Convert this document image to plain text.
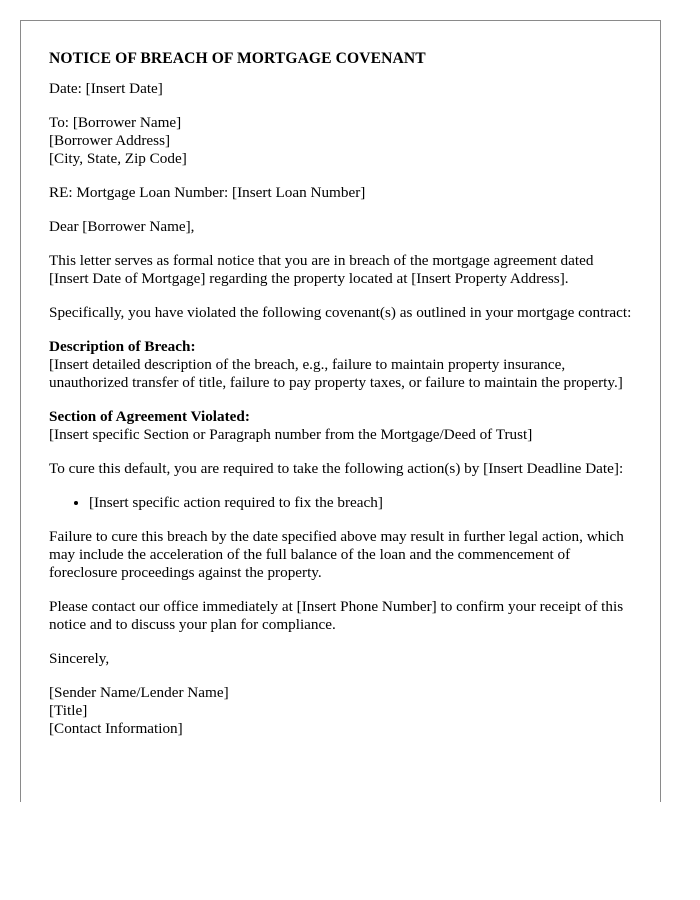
NOTICE OF BREACH OF MORTGAGE COVENANT

Date: [Insert Date]

To: [Borrower Name]
[Borrower Address]
[City, State, Zip Code]

RE: Mortgage Loan Number: [Insert Loan Number]

Dear [Borrower Name],

This letter serves as formal notice that you are in breach of the mortgage agreement dated [Insert Date of Mortgage] regarding the property located at [Insert Property Address].

Specifically, you have violated the following covenant(s) as outlined in your mortgage contract:

Description of Breach:
[Insert detailed description of the breach, e.g., failure to maintain property insurance, unauthorized transfer of title, failure to pay property taxes, or failure to maintain the property.]

Section of Agreement Violated:
[Insert specific Section or Paragraph number from the Mortgage/Deed of Trust]

To cure this default, you are required to take the following action(s) by [Insert Deadline Date]:

• [Insert specific action required to fix the breach]

Failure to cure this breach by the date specified above may result in further legal action, which may include the acceleration of the full balance of the loan and the commencement of foreclosure proceedings against the property.

Please contact our office immediately at [Insert Phone Number] to confirm your receipt of this notice and to discuss your plan for compliance.

Sincerely,

[Sender Name/Lender Name]
[Title]
[Contact Information]
